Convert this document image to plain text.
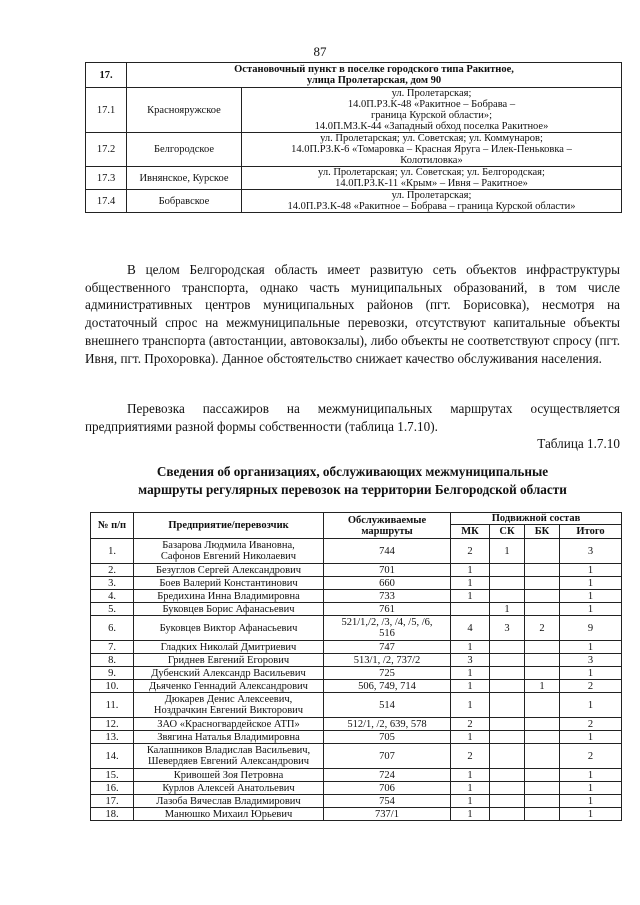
87
17.	Остановочный пункт в поселке городского типа Ракитное,
улица Пролетарская, дом 90	

17.1	Краснояружское	ул. Пролетарская;
14.0П.РЗ.К-48 «Ракитное – Бобрава –
граница Курской области»;
14.0П.МЗ.К-44 «Западный обход поселка Ракитное»

17.2	Белгородское	ул. Пролетарская; ул. Советская; ул. Коммунаров;
14.0П.РЗ.К-6 «Томаровка – Красная Яруга – Илек-Пеньковка –
Колотиловка»

17.3	Ивнянское, Курское	ул. Пролетарская; ул. Советская; ул. Белгородская;
14.0П.РЗ.К-11 «Крым» – Ивня – Ракитное»

17.4	Бобравское	ул. Пролетарская;
14.0П.РЗ.К-48 «Ракитное – Бобрава – граница Курской области»
В целом Белгородская область имеет развитую сеть объектов инфраструктуры общественного транспорта, однако часть муниципальных образований, в том числе административных центров муниципальных районов (пгт. Борисовка), несмотря на достаточный спрос на межмуниципальные перевозки, отсутствуют капитальные объекты внешнего транспорта (автостанции, автовокзалы), либо объекты не соответствуют спросу (пгт. Ивня, пгт. Прохоровка). Данное обстоятельство снижает качество обслуживания населения.
Перевозка пассажиров на межмуниципальных маршрутах осуществляется предприятиями разной формы собственности (таблица 1.7.10).
Таблица 1.7.10
Сведения об организациях, обслуживающих межмуниципальные
маршруты регулярных перевозок на территории Белгородской области
№ п/п	Предприятие/перевозчик	Обслуживаемые маршруты	Подвижной состав			
			МК	СК	БК	Итого
1.	Базарова Людмила Ивановна,
Сафонов Евгений Николаевич	744	2	1		3
2.	Безуглов Сергей Александрович	701	1			1
3.	Боев Валерий Константинович	660	1			1
4.	Бредихина Инна Владимировна	733	1			1
5.	Буковцев Борис Афанасьевич	761		1		1
6.	Буковцев Виктор Афанасьевич	521/1,/2, /3, /4, /5, /6,
516	4	3	2	9
7.	Гладких Николай Дмитриевич	747	1			1
8.	Гриднев Евгений Егорович	513/1, /2, 737/2	3			3
9.	Дубенский Александр Васильевич	725	1			1
10.	Дьяченко Геннадий Александрович	506, 749, 714	1		1	2
11.	Дюкарев Денис Алексеевич,
Ноздрачкин Евгений Викторович	514	1			1
12.	ЗАО «Красногвардейское АТП»	512/1, /2, 639, 578	2			2
13.	Звягина Наталья Владимировна	705	1			1
14.	Калашников Владислав Васильевич,
Шевердяев Евгений Александрович	707	2			2
15.	Кривошей Зоя Петровна	724	1			1
16.	Курлов Алексей Анатольевич	706	1			1
17.	Лазоба Вячеслав Владимирович	754	1			1
18.	Манюшко Михаил Юрьевич	737/1	1			1
